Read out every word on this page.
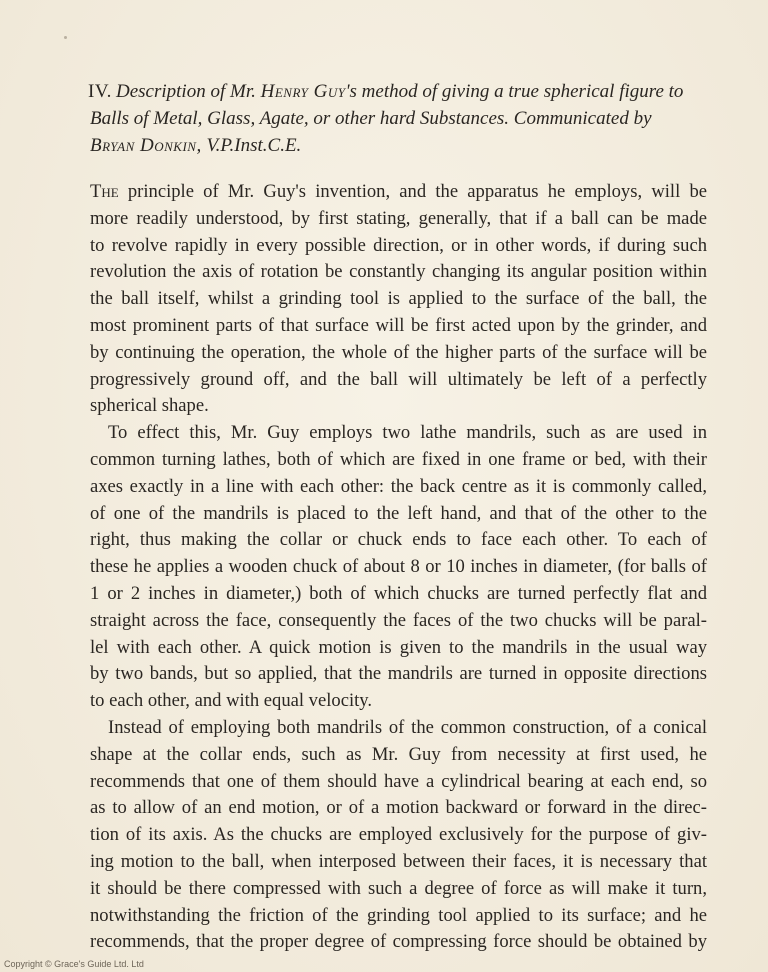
IV. Description of Mr. Henry Guy's method of giving a true spherical figure to
Balls of Metal, Glass, Agate, or other hard Substances. Communicated by
Bryan Donkin, V.P.Inst.C.E.
The principle of Mr. Guy's invention, and the apparatus he employs, will be
more readily understood, by first stating, generally, that if a ball can be made
to revolve rapidly in every possible direction, or in other words, if during such
revolution the axis of rotation be constantly changing its angular position within
the ball itself, whilst a grinding tool is applied to the surface of the ball, the
most prominent parts of that surface will be first acted upon by the grinder, and
by continuing the operation, the whole of the higher parts of the surface will be
progressively ground off, and the ball will ultimately be left of a perfectly
spherical shape.
To effect this, Mr. Guy employs two lathe mandrils, such as are used in
common turning lathes, both of which are fixed in one frame or bed, with their
axes exactly in a line with each other: the back centre as it is commonly called,
of one of the mandrils is placed to the left hand, and that of the other to the
right, thus making the collar or chuck ends to face each other. To each of
these he applies a wooden chuck of about 8 or 10 inches in diameter, (for balls of
1 or 2 inches in diameter,) both of which chucks are turned perfectly flat and
straight across the face, consequently the faces of the two chucks will be paral-
lel with each other. A quick motion is given to the mandrils in the usual way
by two bands, but so applied, that the mandrils are turned in opposite directions
to each other, and with equal velocity.
Instead of employing both mandrils of the common construction, of a conical
shape at the collar ends, such as Mr. Guy from necessity at first used, he
recommends that one of them should have a cylindrical bearing at each end, so
as to allow of an end motion, or of a motion backward or forward in the direc-
tion of its axis. As the chucks are employed exclusively for the purpose of giv-
ing motion to the ball, when interposed between their faces, it is necessary that
it should be there compressed with such a degree of force as will make it turn,
notwithstanding the friction of the grinding tool applied to its surface; and he
recommends, that the proper degree of compressing force should be obtained by
Copyright © Grace's Guide Ltd. Ltd
